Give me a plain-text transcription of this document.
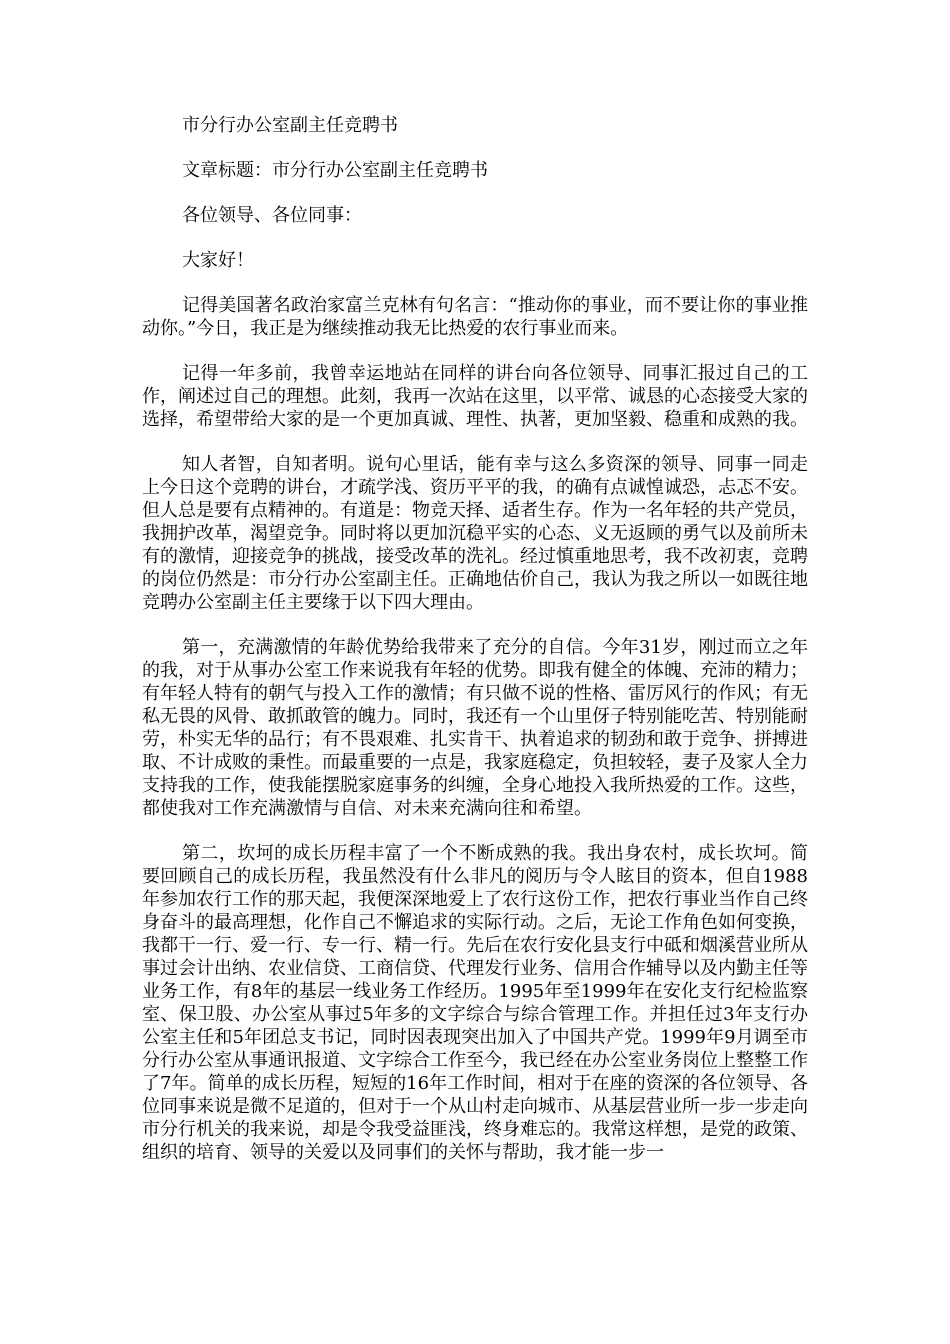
市分行办公室副主任竞聘书

文章标题：市分行办公室副主任竞聘书

各位领导、各位同事：

大家好！

记得美国著名政治家富兰克林有句名言：“推动你的事业，而不要让你的事业推动你。”今日，我正是为继续推动我无比热爱的农行事业而来。

记得一年多前，我曾幸运地站在同样的讲台向各位领导、同事汇报过自己的工作，阐述过自己的理想。此刻，我再一次站在这里，以平常、诚恳的心态接受大家的选择，希望带给大家的是一个更加真诚、理性、执著，更加坚毅、稳重和成熟的我。

知人者智，自知者明。说句心里话，能有幸与这么多资深的领导、同事一同走上今日这个竞聘的讲台，才疏学浅、资历平平的我，的确有点诚惶诚恐，忐忑不安。但人总是要有点精神的。有道是：物竞天择、适者生存。作为一名年轻的共产党员，我拥护改革，渴望竞争。同时将以更加沉稳平实的心态、义无返顾的勇气以及前所未有的激情，迎接竞争的挑战，接受改革的洗礼。经过慎重地思考，我不改初衷，竞聘的岗位仍然是：市分行办公室副主任。正确地估价自己，我认为我之所以一如既往地竞聘办公室副主任主要缘于以下四大理由。

第一，充满激情的年龄优势给我带来了充分的自信。今年31岁，刚过而立之年的我，对于从事办公室工作来说我有年轻的优势。即我有健全的体魄、充沛的精力；有年轻人特有的朝气与投入工作的激情；有只做不说的性格、雷厉风行的作风；有无私无畏的风骨、敢抓敢管的魄力。同时，我还有一个山里伢子特别能吃苦、特别能耐劳，朴实无华的品行；有不畏艰难、扎实肯干、执着追求的韧劲和敢于竞争、拼搏进取、不计成败的秉性。而最重要的一点是，我家庭稳定，负担较轻，妻子及家人全力支持我的工作，使我能摆脱家庭事务的纠缠，全身心地投入我所热爱的工作。这些，都使我对工作充满激情与自信、对未来充满向往和希望。

第二，坎坷的成长历程丰富了一个不断成熟的我。我出身农村，成长坎坷。简要回顾自己的成长历程，我虽然没有什么非凡的阅历与令人眩目的资本，但自1988年参加农行工作的那天起，我便深深地爱上了农行这份工作，把农行事业当作自己终身奋斗的最高理想，化作自己不懈追求的实际行动。之后，无论工作角色如何变换，我都干一行、爱一行、专一行、精一行。先后在农行安化县支行中砥和烟溪营业所从事过会计出纳、农业信贷、工商信贷、代理发行业务、信用合作辅导以及内勤主任等业务工作，有8年的基层一线业务工作经历。1995年至1999年在安化支行纪检监察室、保卫股、办公室从事过5年多的文字综合与综合管理工作。并担任过3年支行办公室主任和5年团总支书记，同时因表现突出加入了中国共产党。1999年9月调至市分行办公室从事通讯报道、文字综合工作至今，我已经在办公室业务岗位上整整工作了7年。简单的成长历程，短短的16年工作时间，相对于在座的资深的各位领导、各位同事来说是微不足道的，但对于一个从山村走向城市、从基层营业所一步一步走向市分行机关的我来说，却是令我受益匪浅，终身难忘的。我常这样想，是党的政策、组织的培育、领导的关爱以及同事们的关怀与帮助，我才能一步一
